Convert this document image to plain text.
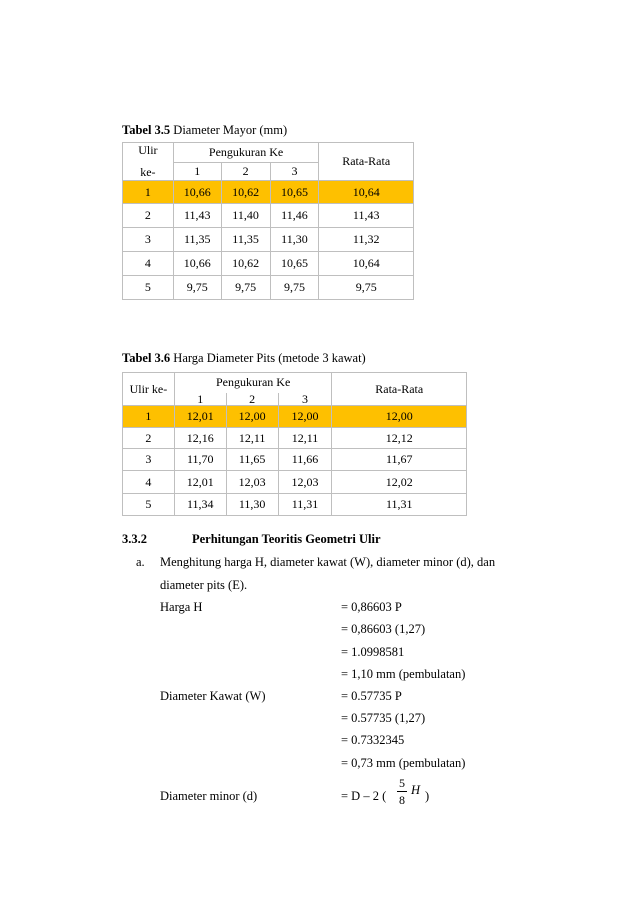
Tabel 3.5 Diameter Mayor (mm)
Ulir
ke-	Pengukuran Ke			Rata-Rata
	1	2	3	
1	10,66	10,62	10,65	10,64
2	11,43	11,40	11,46	11,43
3	11,35	11,35	11,30	11,32
4	10,66	10,62	10,65	10,64
5	9,75	9,75	9,75	9,75
Tabel 3.6 Harga Diameter Pits (metode 3 kawat)
Ulir ke-	Pengukuran Ke			Rata-Rata
	1	2	3	
1	12,01	12,00	12,00	12,00
2	12,16	12,11	12,11	12,12
3	11,70	11,65	11,66	11,67
4	12,01	12,03	12,03	12,02
5	11,34	11,30	11,31	11,31
3.3.2	Perhitungan Teoritis Geometri Ulir
a. Menghitung harga H, diameter kawat (W), diameter minor (d), dan
diameter pits (E).
Harga H	= 0,86603 P
= 0,86603 (1,27)
= 1.0998581
= 1,10 mm (pembulatan)
Diameter Kawat (W)	= 0.57735 P
= 0.57735 (1,27)
= 0.7332345
= 0,73 mm (pembulatan)
Diameter minor (d)	= D – 2 (
5
8
H )
